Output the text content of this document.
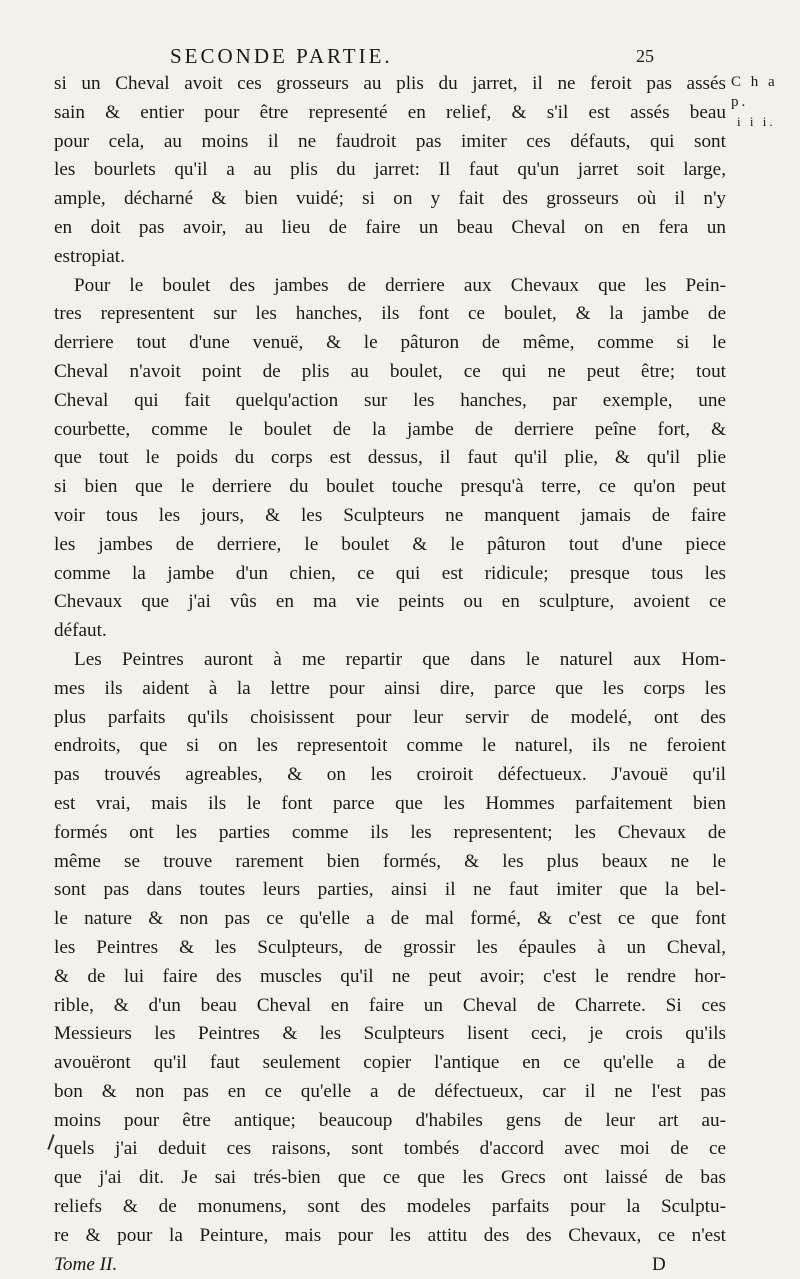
SECONDE PARTIE.	25
C h a p.
i i i.
si un Cheval avoit ces grosseurs au plis du jarret, il ne feroit pas assés
sain & entier pour être representé en relief, & s'il est assés beau
pour cela, au moins il ne faudroit pas imiter ces défauts, qui sont
les bourlets qu'il a au plis du jarret: Il faut qu'un jarret soit large,
ample, décharné & bien vuidé; si on y fait des grosseurs où il n'y
en doit pas avoir, au lieu de faire un beau Cheval on en fera un
estropiat.
Pour le boulet des jambes de derriere aux Chevaux que les Pein-
tres representent sur les hanches, ils font ce boulet, & la jambe de
derriere tout d'une venuë, & le pâturon de même, comme si le
Cheval n'avoit point de plis au boulet, ce qui ne peut être; tout
Cheval qui fait quelqu'action sur les hanches, par exemple, une
courbette, comme le boulet de la jambe de derriere peîne fort, &
que tout le poids du corps est dessus, il faut qu'il plie, & qu'il plie
si bien que le derriere du boulet touche presqu'à terre, ce qu'on peut
voir tous les jours, & les Sculpteurs ne manquent jamais de faire
les jambes de derriere, le boulet & le pâturon tout d'une piece
comme la jambe d'un chien, ce qui est ridicule; presque tous les
Chevaux que j'ai vûs en ma vie peints ou en sculpture, avoient ce
défaut.
Les Peintres auront à me repartir que dans le naturel aux Hom-
mes ils aident à la lettre pour ainsi dire, parce que les corps les
plus parfaits qu'ils choisissent pour leur servir de modelé, ont des
endroits, que si on les representoit comme le naturel, ils ne feroient
pas trouvés agreables, & on les croiroit défectueux. J'avouë qu'il
est vrai, mais ils le font parce que les Hommes parfaitement bien
formés ont les parties comme ils les representent; les Chevaux de
même se trouve rarement bien formés, & les plus beaux ne le
sont pas dans toutes leurs parties, ainsi il ne faut imiter que la bel-
le nature & non pas ce qu'elle a de mal formé, & c'est ce que font
les Peintres & les Sculpteurs, de grossir les épaules à un Cheval,
& de lui faire des muscles qu'il ne peut avoir; c'est le rendre hor-
rible, & d'un beau Cheval en faire un Cheval de Charrete. Si ces
Messieurs les Peintres & les Sculpteurs lisent ceci, je crois qu'ils
avouëront qu'il faut seulement copier l'antique en ce qu'elle a de
bon & non pas en ce qu'elle a de défectueux, car il ne l'est pas
moins pour être antique; beaucoup d'habiles gens de leur art au-
quels j'ai deduit ces raisons, sont tombés d'accord avec moi de ce
que j'ai dit. Je sai trés-bien que ce que les Grecs ont laissé de bas
reliefs & de monumens, sont des modeles parfaits pour la Sculptu-
re & pour la Peinture, mais pour les attitu des des Chevaux, ce n'est
Tome II.	D
